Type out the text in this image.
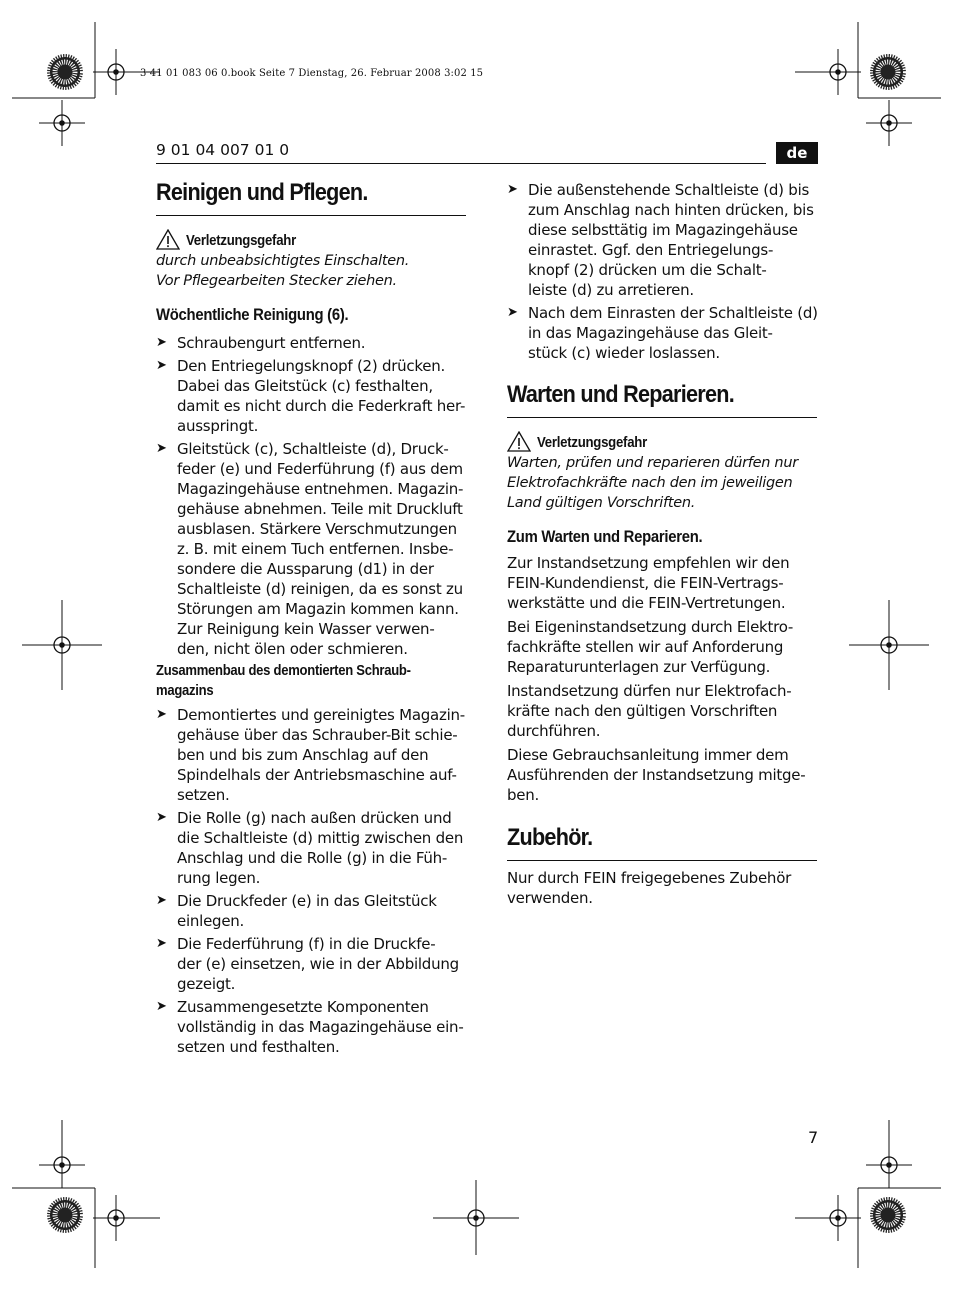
3 41 01 083 06 0.book Seite 7 Dienstag, 26. Februar 2008 3:02 15
9 01 04 007 01 0	de
Reinigen und Pflegen.
Verletzungsgefahr
durch unbeabsichtigtes Einschalten.
Vor Pflegearbeiten Stecker ziehen.
Wöchentliche Reinigung (6).
➤ Schraubengurt entfernen.
➤ Den Entriegelungsknopf (2) drücken.
Dabei das Gleitstück (c) festhalten,
damit es nicht durch die Federkraft her-
ausspringt.
➤ Gleitstück (c), Schaltleiste (d), Druck-
feder (e) und Federführung (f) aus dem
Magazingehäuse entnehmen. Magazin-
gehäuse abnehmen. Teile mit Druckluft
ausblasen. Stärkere Verschmutzungen
z. B. mit einem Tuch entfernen. Insbe-
sondere die Aussparung (d1) in der
Schaltleiste (d) reinigen, da es sonst zu
Störungen am Magazin kommen kann.
Zur Reinigung kein Wasser verwen-
den, nicht ölen oder schmieren.
Zusammenbau des demontierten Schraub-
magazins
➤ Demontiertes und gereinigtes Magazin-
gehäuse über das Schrauber-Bit schie-
ben und bis zum Anschlag auf den
Spindelhals der Antriebsmaschine auf-
setzen.
➤ Die Rolle (g) nach außen drücken und
die Schaltleiste (d) mittig zwischen den
Anschlag und die Rolle (g) in die Füh-
rung legen.
➤ Die Druckfeder (e) in das Gleitstück
einlegen.
➤ Die Federführung (f) in die Druckfe-
der (e) einsetzen, wie in der Abbildung
gezeigt.
➤ Zusammengesetzte Komponenten
vollständig in das Magazingehäuse ein-
setzen und festhalten.
➤ Die außenstehende Schaltleiste (d) bis
zum Anschlag nach hinten drücken, bis
diese selbsttätig im Magazingehäuse
einrastet. Ggf. den Entriegelungs-
knopf (2) drücken um die Schalt-
leiste (d) zu arretieren.
➤ Nach dem Einrasten der Schaltleiste (d)
in das Magazingehäuse das Gleit-
stück (c) wieder loslassen.
Warten und Reparieren.
Verletzungsgefahr
Warten, prüfen und reparieren dürfen nur
Elektrofachkräfte nach den im jeweiligen
Land gültigen Vorschriften.
Zum Warten und Reparieren.
Zur Instandsetzung empfehlen wir den
FEIN-Kundendienst, die FEIN-Vertrags-
werkstätte und die FEIN-Vertretungen.
Bei Eigeninstandsetzung durch Elektro-
fachkräfte stellen wir auf Anforderung
Reparaturunterlagen zur Verfügung.
Instandsetzung dürfen nur Elektrofach-
kräfte nach den gültigen Vorschriften
durchführen.
Diese Gebrauchsanleitung immer dem
Ausführenden der Instandsetzung mitge-
ben.
Zubehör.
Nur durch FEIN freigegebenes Zubehör
verwenden.
7
